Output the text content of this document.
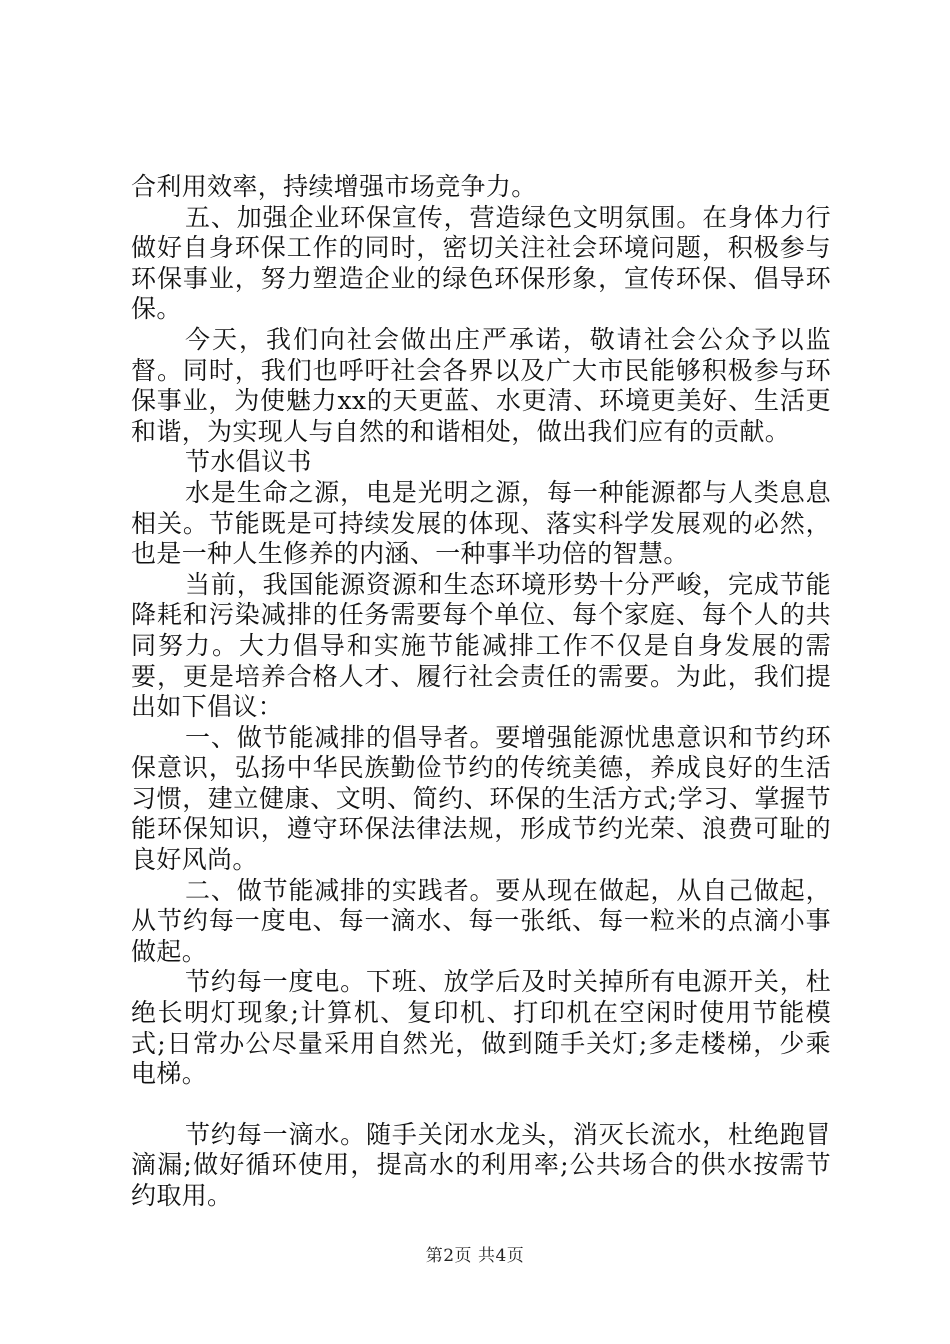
合利用效率，持续增强市场竞争力。

五、加强企业环保宣传，营造绿色文明氛围。在身体力行做好自身环保工作的同时，密切关注社会环境问题，积极参与环保事业，努力塑造企业的绿色环保形象，宣传环保、倡导环保。

今天，我们向社会做出庄严承诺，敬请社会公众予以监督。同时，我们也呼吁社会各界以及广大市民能够积极参与环保事业，为使魅力xx的天更蓝、水更清、环境更美好、生活更和谐，为实现人与自然的和谐相处，做出我们应有的贡献。

节水倡议书

水是生命之源，电是光明之源，每一种能源都与人类息息相关。节能既是可持续发展的体现、落实科学发展观的必然，也是一种人生修养的内涵、一种事半功倍的智慧。

当前，我国能源资源和生态环境形势十分严峻，完成节能降耗和污染减排的任务需要每个单位、每个家庭、每个人的共同努力。大力倡导和实施节能减排工作不仅是自身发展的需要，更是培养合格人才、履行社会责任的需要。为此，我们提出如下倡议：

一、做节能减排的倡导者。要增强能源忧患意识和节约环保意识，弘扬中华民族勤俭节约的传统美德，养成良好的生活习惯，建立健康、文明、简约、环保的生活方式;学习、掌握节能环保知识，遵守环保法律法规，形成节约光荣、浪费可耻的良好风尚。

二、做节能减排的实践者。要从现在做起，从自己做起，从节约每一度电、每一滴水、每一张纸、每一粒米的点滴小事做起。

节约每一度电。下班、放学后及时关掉所有电源开关，杜绝长明灯现象;计算机、复印机、打印机在空闲时使用节能模式;日常办公尽量采用自然光，做到随手关灯;多走楼梯，少乘电梯。

节约每一滴水。随手关闭水龙头，消灭长流水，杜绝跑冒滴漏;做好循环使用，提高水的利用率;公共场合的供水按需节约取用。

第2页 共4页
